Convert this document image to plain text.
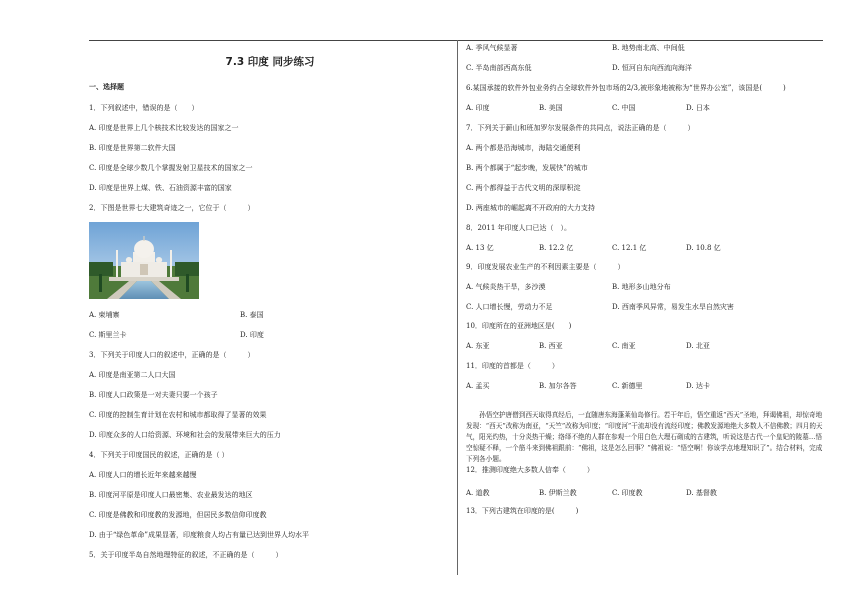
7.3 印度 同步练习
一、选择题
1．下列叙述中，错误的是（　　）
A. 印度是世界上几个核技术比较发达的国家之一
B. 印度是世界第二软件大国
C. 印度是全球少数几个掌握发射卫星技术的国家之一
D. 印度是世界上煤、铁、石油资源丰富的国家
2．下图是世界七大建筑奇迹之一，它位于（　　　）
3．下列关于印度人口的叙述中，正确的是（　　　）
A. 印度是南亚第二人口大国
B. 印度人口政策是一对夫妻只要一个孩子
C. 印度的控制生育计划在农村和城市都取得了显著的效果
D. 印度众多的人口给资源、环境和社会的发展带来巨大的压力
4．下列关于印度国民的叙述，正确的是（ ）
A. 印度人口的增长近年来越来越慢
B. 印度河平原是印度人口最密集、农业最发达的地区
C. 印度是佛教和印度教的发源地，但居民多数信仰印度教
D. 由于“绿色革命”成果显著，印度粮食人均占有量已达到世界人均水平
5．关于印度半岛自然地理特征的叙述，不正确的是（　　　）
A. 柬埔寨	B. 泰国
C. 斯里兰卡	D. 印度
A. 季风气候显著	B. 地势南北高、中间低
C. 半岛南部西高东低	D. 恒河自东向西流向海洋
6.某国承接的软件外包业务约占全球软件外包市场的2/3,被形象地被称为“世界办公室”，该国是(　　　)
A. 印度	B. 美国	C. 中国	D. 日本
7．下列关于薪山和班加罗尔发展条件的共同点，说法正确的是（　　　）
A. 两个都是沿海城市，海陆交通便利
B. 两个都属于“起步晚，发展快”的城市
C. 两个都得益于古代文明的深厚积淀
D. 两座城市的崛起离不开政府的大力支持
8．2011 年印度人口已达（　）。
A. 13 亿	B. 12.2 亿	C. 12.1 亿	D. 10.8 亿
9．印度发展农业生产的不利因素主要是（　　　）
A. 气候炎热干旱，多沙漠	B. 地形多山地分布
C. 人口增长慢，劳动力不足	D. 西南季风异常，易发生水旱自然灾害
10．印度所在的亚洲地区是(　　)
A. 东亚	B. 西亚	C. 南亚	D. 北亚
11．印度的首都是（　　　）
A. 孟买	B. 加尔各答	C. 新德里	D. 达卡
12．推测印度绝大多数人信奉（　　　）
A. 道教	B. 伊斯兰教	C. 印度教	D. 基督教
13．下列古建筑在印度的是(　　　)
孙悟空护唐僧到西天取得真经后，一直随唐东海蓬莱仙岛修行。若干年后，悟空重返“西天”圣地，拜谒佛祖，却惊奇地发现：“西天”改称为南亚，“天竺”改称为印度；“印度河”干流却没有流经印度；佛教发源地绝大多数人不信佛教；四月的天气，阳光灼热，十分炎热干燥；络绎不绝的人群在参观一个用白色大理石砌成的古建筑，听说这是古代一个皇妃的陵墓…悟空惊疑不释，一个筋斗来到佛祖跟前：“佛祖，这是怎么回事？”佛祖说：“悟空啊！你该学点地理知识了”。结合材料，完成下列各小题。
